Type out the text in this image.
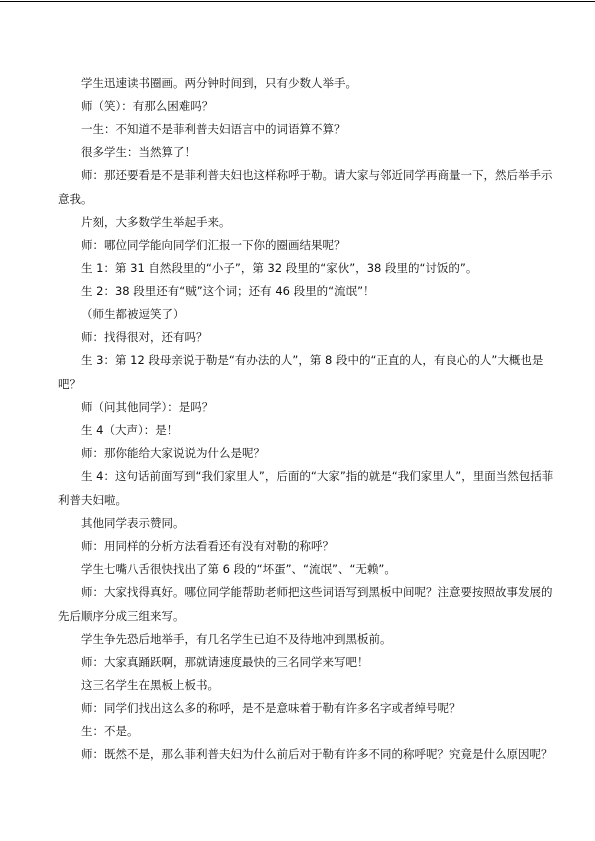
学生迅速读书圈画。两分钟时间到，只有少数人举手。

师（笑）：有那么困难吗？

一生：不知道不是菲利普夫妇语言中的词语算不算？

很多学生：当然算了！

师：那还要看是不是菲利普夫妇也这样称呼于勒。请大家与邻近同学再商量一下，然后举手示意我。

片刻，大多数学生举起手来。

师：哪位同学能向同学们汇报一下你的圈画结果呢？

生 1：第 31 自然段里的“小子”，第 32 段里的“家伙”，38 段里的“讨饭的”。

生 2：38 段里还有“贼”这个词；还有 46 段里的“流氓”！

（师生都被逗笑了）

师：找得很对，还有吗？

生 3：第 12 段母亲说于勒是“有办法的人”，第 8 段中的“正直的人，有良心的人”大概也是吧？

师（问其他同学）：是吗？

生 4（大声）：是！

师：那你能给大家说说为什么是呢？

生 4：这句话前面写到“我们家里人”，后面的“大家”指的就是“我们家里人”，里面当然包括菲利普夫妇啦。

其他同学表示赞同。

师：用同样的分析方法看看还有没有对勒的称呼？

学生七嘴八舌很快找出了第 6 段的“坏蛋”、“流氓”、“无赖”。

师：大家找得真好。哪位同学能帮助老师把这些词语写到黑板中间呢？注意要按照故事发展的先后顺序分成三组来写。

学生争先恐后地举手，有几名学生已迫不及待地冲到黑板前。

师：大家真踊跃啊，那就请速度最快的三名同学来写吧！

这三名学生在黑板上板书。

师：同学们找出这么多的称呼，是不是意味着于勒有许多名字或者绰号呢？

生：不是。

师：既然不是，那么菲利普夫妇为什么前后对于勒有许多不同的称呼呢？究竟是什么原因呢？
